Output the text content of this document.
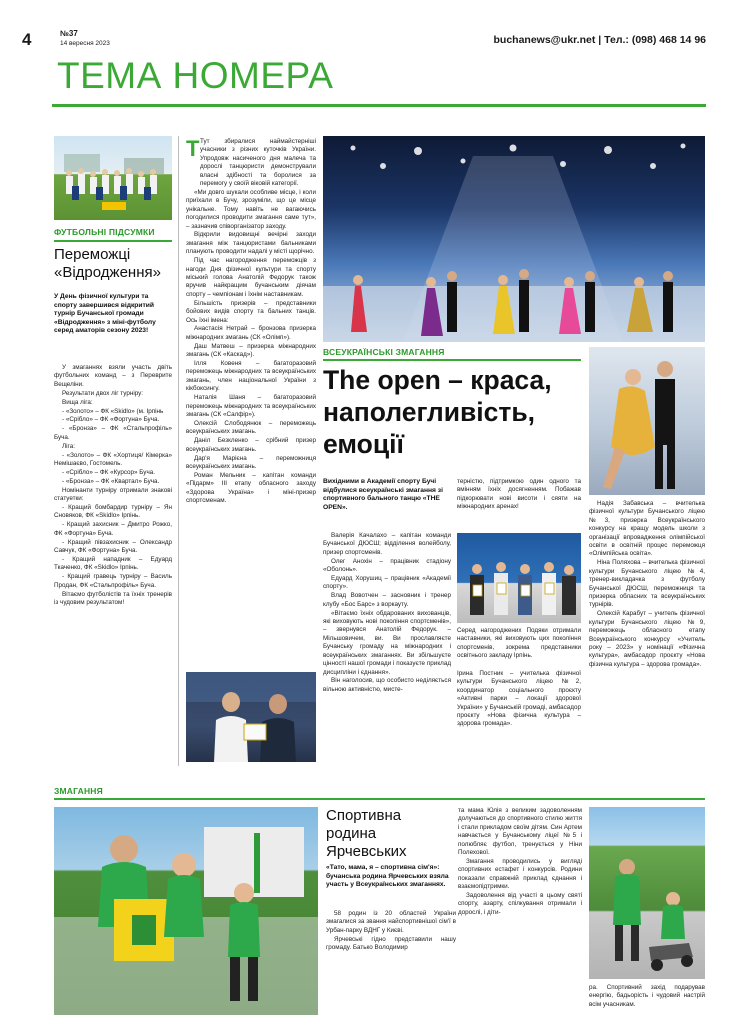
4	№37
14 вересня 2023	buchanews@ukr.net | Тел.: (098) 468 14 96
ТЕМА НОМЕРА
ФУТБОЛЬНІ ПІДСУМКИ
Переможці «Відродження»
У День фізичної культури та спорту завершився відкритий турнір Бучанської громади «Відродження» з міні-футболу серед аматорів сезону 2023!

У змаганнях взяли участь двіть футбольних команд – з Переврите Вещеліни.

Результати двох ліг турніру:

Вища ліга:

- «Золото» – ФК «Skidlo» (м. Ірпінь

- «Срібло» – ФК «Фортуна» Буча.

- «Бронза» – ФК «Стальпрофіль» Буча.

Ліга:

- «Золото» – ФК «Хортиця/ Кімерка» Немішаєво, Гостомель.

- «Срібло» – ФК «Курсор» Буча.

- «Бронза» – ФК «Квартал» Буча.

Номінанти турніру отримали знакові статуетки:

- Кращий бомбардир турніру – Ян Сновяков, ФК «Skidlo» Ірпінь.

- Кращий захисник – Дмитро Рожко, ФК «Фортуна» Буча.

- Кращий півзахисник – Олександр Савчук, ФК «Фортуна» Буча.

- Кращий нападник – Едуард Ткаченко, ФК «Skidlo» Ірпінь.

- Кращий гравець турніру – Василь Продан, ФК «Стальпрофіль» Буча.

Вітаємо футболістів та їхніх тренерів із чудовим результатом!

Т Тут збиралися наймайстерніші учасники з різних куточків України. Упродовж насиченого дня малеча та дорослі танцюристи демонстрували власні здібності та боролися за перемогу у своїй віковій категорії.

«Ми довго шукали особливе місце, і коли приїхали в Бучу, зрозуміли, що це місце унікальне. Тому навіть не вагаючись погодилися проводити змагання саме тут», – зазначив співорганізатор заходу.

Відкрили видовищні вечірні заходи змагання між танцюристами бальниками планують проводити надалі у місті щорічно.

Під час нагородження переможців з нагоди Дня фізичної культури та спорту міський голова Анатолій Федорук також вручив найкращим бучанським діячам спорту – чемпіонам і їхнім наставникам.

Більшість призерів – представники бойових видів спорту та бальних танців. Ось їхні імена:

Анастасія Нетрай – бронзова призерка міжнародних змагань (СК «Олімп»).

Даш Матвеш – призерка міжнародних змагань (СК «Каскад»).

Ілля Ковеня – багаторазовий переможець міжнародних та всеукраїнських змагань, член національної України з кікбоксингу.

Наталія Шаня – багаторазовий переможець міжнародних та всеукраїнських змагань (СК «Салфір»).

Олексій Слободянюк – переможець всеукраїнських змагань.

Даніл Безкленко – срібний призер всеукраїнських змагань.

Дар'я Марієна – переможниця всеукраїнських змагань.

Роман Мельник – капітан команди «Підарм» III етапу обласного заходу «Здорова Україна» і міні-призер спортсменам.

ВСЕУКРАЇНСЬКІ ЗМАГАННЯ
The open – краса,
наполегливість,
емоції
Вихідними в Академії спорту Бучі відбулися всеукраїнські змагання зі спортивного бального танцю «THE OPEN».

Валерія Качалахо – капітан команди Бучанської ДЮСШ; відділення волейболу, призер спортсменів.

Олег Анохін – працівник стадіону «Оболонь».

Едуард Хорушиц – працівник «Академії спорту».

Влад Вовотчен – засновник і тренер клубу «Бос Барс» з воркауту.

«Вітаємо їхніх обдарованих вихованців, які виховують нові покоління спортсменів», – звернувся Анатолій Федорук. – Мільшовичем, ви. Ви прославляєте Бучанську громаду на міжнародних і всеукраїнських змаганнях. Ви збільшуєте цінності нашої громади і показуєте приклад дисципліни і єднання».

Він наголосив, що особисто неділяється вільною активністю, мисте-

терністю, підтримкою один одного та вмінням їхніх досягненням. Побажав підкорювати нові висоти і сяяти на міжнародних аренах!
Серед нагороджених Подяки отримали наставники, які виховують цих покоління спортсменів, зокрема представники освітнього закладу Ірпінь.
Ірина Постник – учителька фізичної культури Бучанського ліцею №2, координатор соціального проєкту «Активні парки – локації здорової України» у Бучанській громаді, амбасадор проєкту «Нова фізична культура – здорова громада».

Надія Забавська – вчителька фізичної культури Бучанського ліцею №3, призерка Всеукраїнського конкурсу на кращу модель школи з організації впровадження олімпійської освіти в освітній процес переможця «Олімпійська освіта».

Ніна Поляхова – вчителька фізичної культури Бучанського ліцею №4, тренер-викладачка з футболу Бучанської ДЮСШ, переможниця та призерка обласних та всеукраїнських турнірів.

Олексій Карабут – учитель фізичної культури Бучанського ліцею №9, переможець обласного етапу Всеукраїнського конкурсу «Учитель року – 2023» у номінації «Фізична культура», амбасадор проєкту «Нова фізична культура – здорова громада».

ЗМАГАННЯ
Спортивна
родина
Ярчевських
«Тато, мама, я – спортивна сім'я»: бучанська родина Ярчевських взяла участь у Всеукраїнських змаганнях.

58 родин із 20 областей України змагалися за звання найспортивнішої сім'ї в Урбан-парку ВДНГ у Києві.

Ярчевські гідно представили нашу громаду. Батько Володимир

та мама Юлія з великим задоволенням долучаються до спортивного стилю життя і стали прикладом своїм дітям. Син Артем навчається у Бучанському ліцеї №5 і полюбляє футбол, тренується у Ніни Полехової.

Змагання проводились у вигляді спортивних естафет і конкурсів. Родини показали справжній приклад єднання і взаємопідтримки.

Задоволення від участі в цьому святі спорту, азарту, спілкування отримали і дорослі, і діти-

ра. Спортивний захід подарував енергію, бадьорість і чудовий настрій всім учасникам.
